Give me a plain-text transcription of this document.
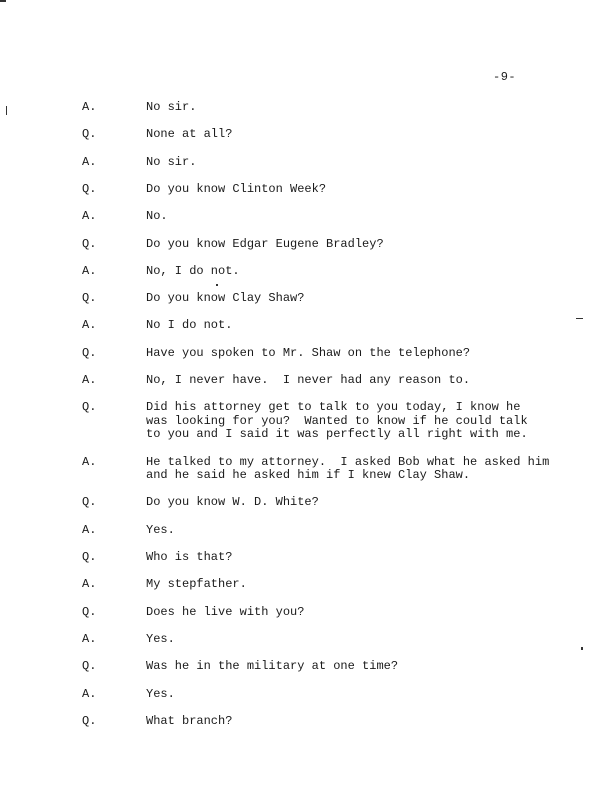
-9-
A.	No sir.
Q.	None at all?
A.	No sir.
Q.	Do you know Clinton Week?
A.	No.
Q.	Do you know Edgar Eugene Bradley?
A.	No, I do not.
Q.	Do you know Clay Shaw?
A.	No I do not.
Q.	Have you spoken to Mr. Shaw on the telephone?
A.	No, I never have.  I never had any reason to.
Q.	Did his attorney get to talk to you today, I know he
was looking for you?  Wanted to know if he could talk
to you and I said it was perfectly all right with me.
A.	He talked to my attorney.  I asked Bob what he asked him
and he said he asked him if I knew Clay Shaw.
Q.	Do you know W. D. White?
A.	Yes.
Q.	Who is that?
A.	My stepfather.
Q.	Does he live with you?
A.	Yes.
Q.	Was he in the military at one time?
A.	Yes.
Q.	What branch?
